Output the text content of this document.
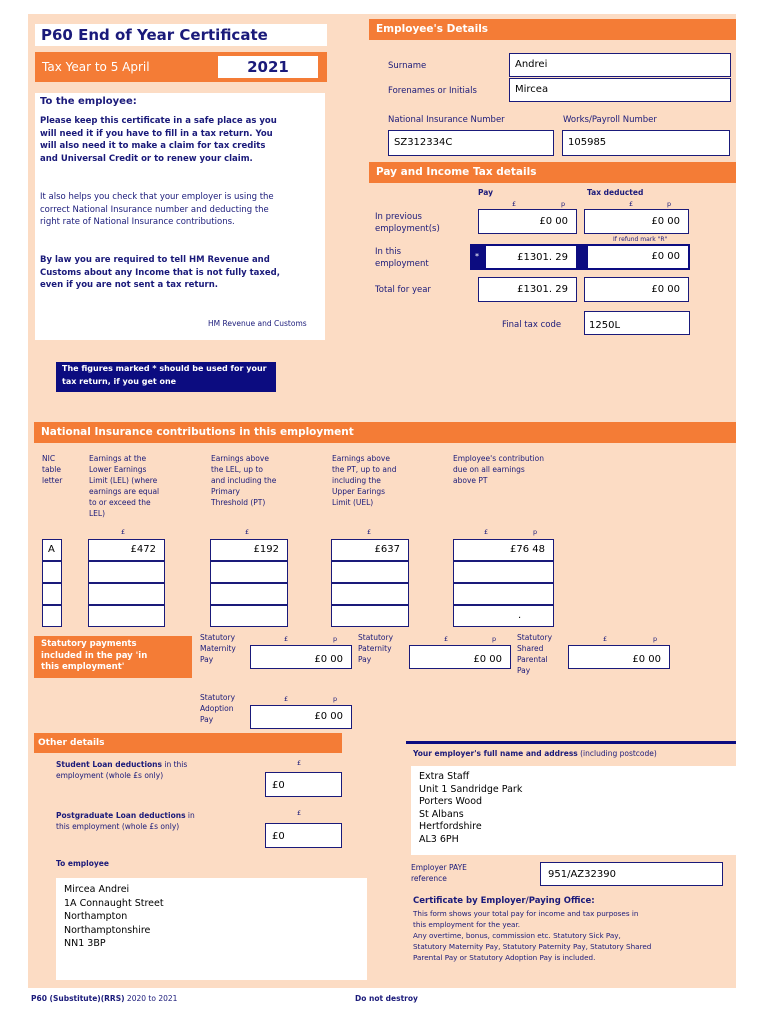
P60 End of Year Certificate
Tax Year to 5 April	2021
To the employee:
Please keep this certificate in a safe place as you will need it if you have to fill in a tax return. You will also need it to make a claim for tax credits and Universal Credit or to renew your claim.
It also helps you check that your employer is using the correct National Insurance number and deducting the right rate of National Insurance contributions.
By law you are required to tell HM Revenue and Customs about any Income that is not fully taxed, even if you are not sent a tax return.
HM Revenue and Customs
The figures marked * should be used for your tax return, if you get one
Employee's Details
Surname	Andrei
Forenames or Initials	Mircea
National Insurance Number
SZ312334C
Works/Payroll Number
105985
Pay and Income Tax details
Pay	Tax deducted
£	p	£	p
In previous employment(s)
£0 00	£0 00
If refund mark "R"
In this employment
*	£1301. 29	£0 00
Total for year	£1301. 29	£0 00
Final tax code	1250L
National Insurance contributions in this employment
NIC table letter
Earnings at the Lower Earnings Limit (LEL) (where earnings are equal to or exceed the LEL)
Earnings above the LEL, up to and including the Primary Threshold (PT)
Earnings above the PT, up to and including the Upper Earings Limit (UEL)
Employee's contribution due on all earnings above PT
£	£	£	£	p
A	£472	£192	£637	£76 48
.
Statutory payments included in the pay 'in this employment'
Statutory Maternity Pay
£	p
£0 00
Statutory Paternity Pay
£	p
£0 00
Statutory Shared Parental Pay
£	p
£0 00
Statutory Adoption Pay
£	p
£0 00
Other details
Student Loan deductions in this employment (whole £s only)
£
£0
Postgraduate Loan deductions in this employment (whole £s only)
£
£0
To employee
Mircea Andrei
1A Connaught Street
Northampton
Northamptonshire
NN1 3BP
Your employer's full name and address (including postcode)
Extra Staff
Unit 1 Sandridge Park
Porters Wood
St Albans
Hertfordshire
AL3 6PH
Employer PAYE reference	951/AZ32390
Certificate by Employer/Paying Office:
This form shows your total pay for income and tax purposes in this employment for the year.
Any overtime, bonus, commission etc. Statutory Sick Pay, Statutory Maternity Pay, Statutory Paternity Pay, Statutory Shared Parental Pay or Statutory Adoption Pay is included.
P60 (Substitute)(RRS) 2020 to 2021	Do not destroy
